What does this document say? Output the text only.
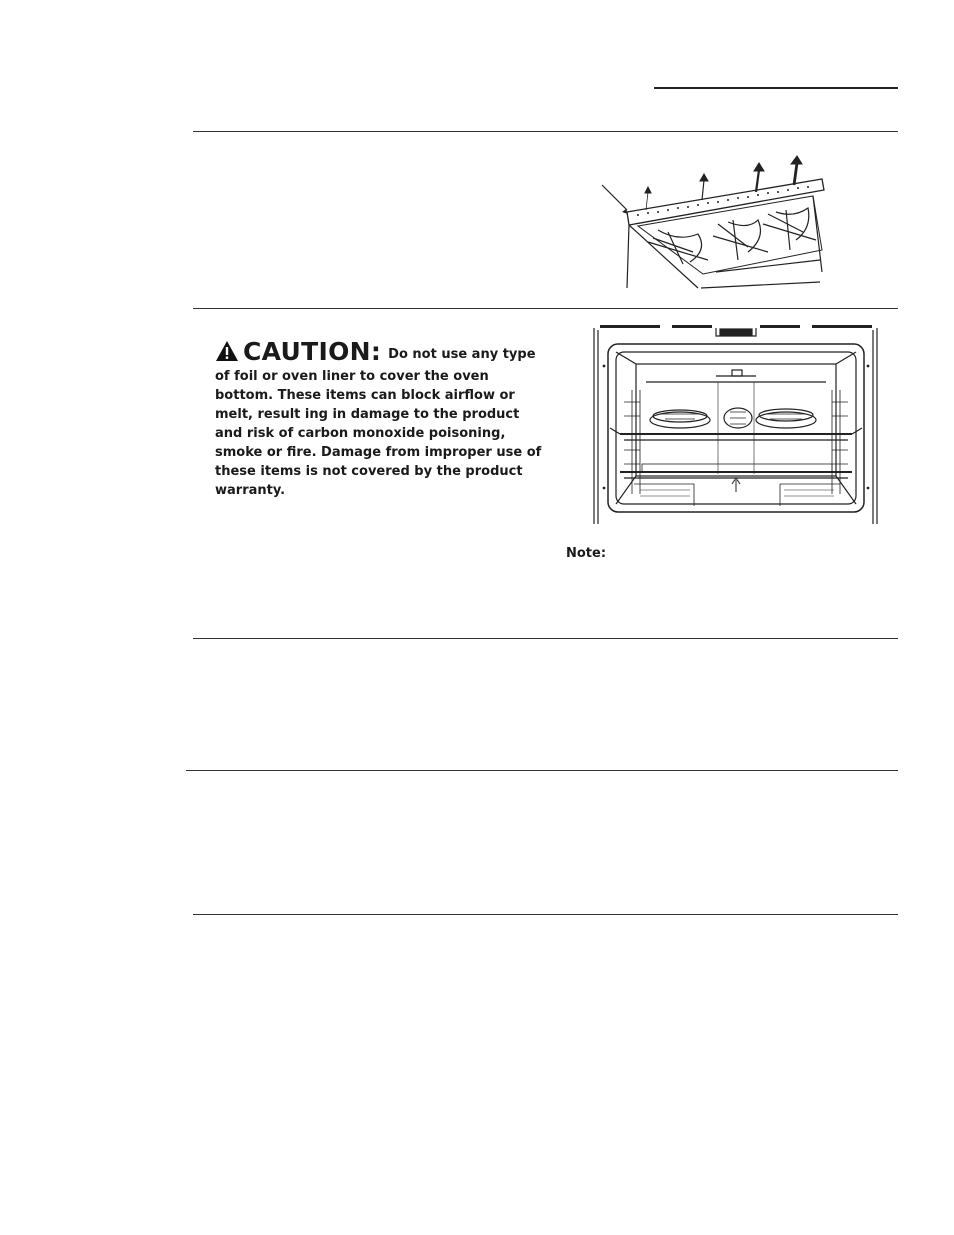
CAUTION: Do not use any type
of foil or oven liner to cover the oven bottom. These items can block airflow or melt, result ing in damage to the product and risk of carbon monoxide poisoning, smoke or fire. Damage from improper use of these items is not covered by the product warranty.
Note:
